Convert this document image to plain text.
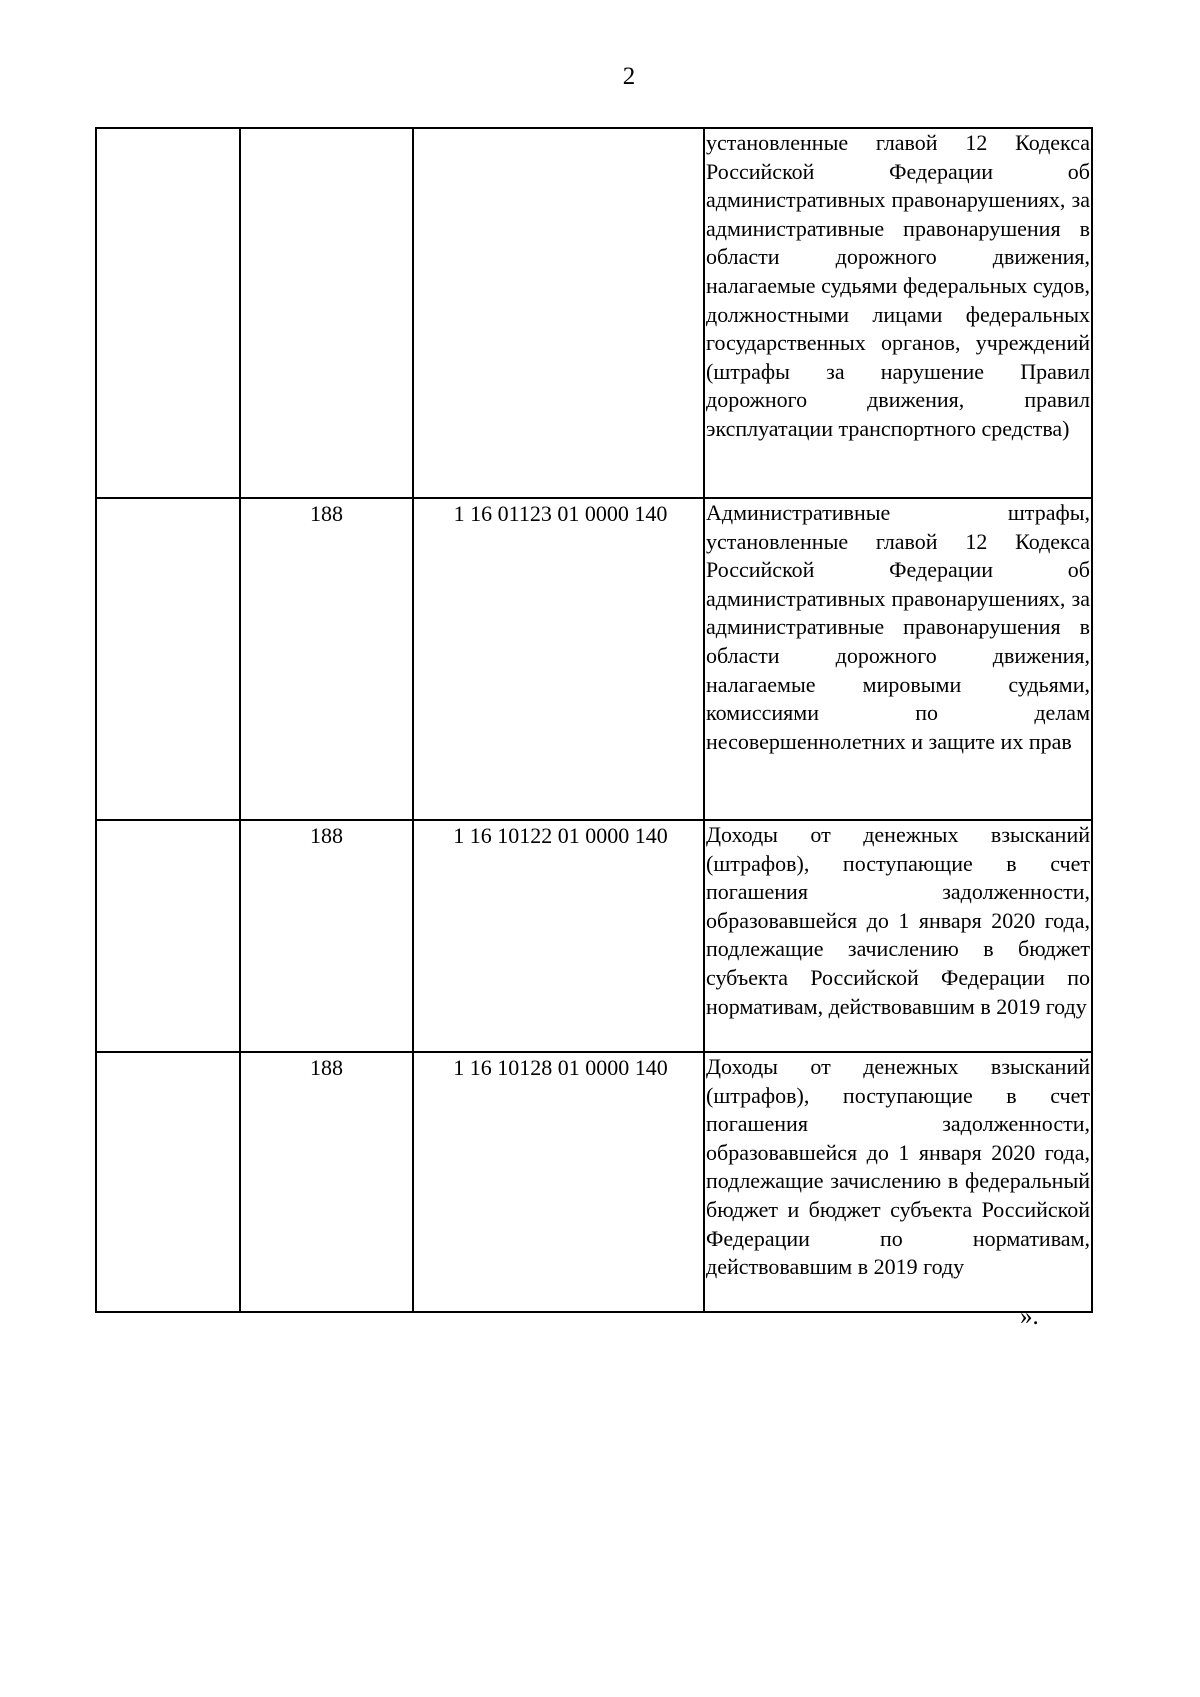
2
			установленные главой 12 Кодекса Российской Федерации об административных правонарушениях, за административные правонарушения в области дорожного движения, налагаемые судьями федеральных судов, должностными лицами федеральных государственных органов, учреждений (штрафы за нарушение Правил дорожного движения, правил эксплуатации транспортного средства)
	188	1 16 01123 01 0000 140	Административные штрафы, установленные главой 12 Кодекса Российской Федерации об административных правонарушениях, за административные правонарушения в области дорожного движения, налагаемые мировыми судьями, комиссиями по делам несовершеннолетних и защите их прав
	188	1 16 10122 01 0000 140	Доходы от денежных взысканий (штрафов), поступающие в счет погашения задолженности, образовавшейся до 1 января 2020 года, подлежащие зачислению в бюджет субъекта Российской Федерации по нормативам, действовавшим в 2019 году
	188	1 16 10128 01 0000 140	Доходы от денежных взысканий (штрафов), поступающие в счет погашения задолженности, образовавшейся до 1 января 2020 года, подлежащие зачислению в федеральный бюджет и бюджет субъекта Российской Федерации по нормативам, действовавшим в 2019 году
».
